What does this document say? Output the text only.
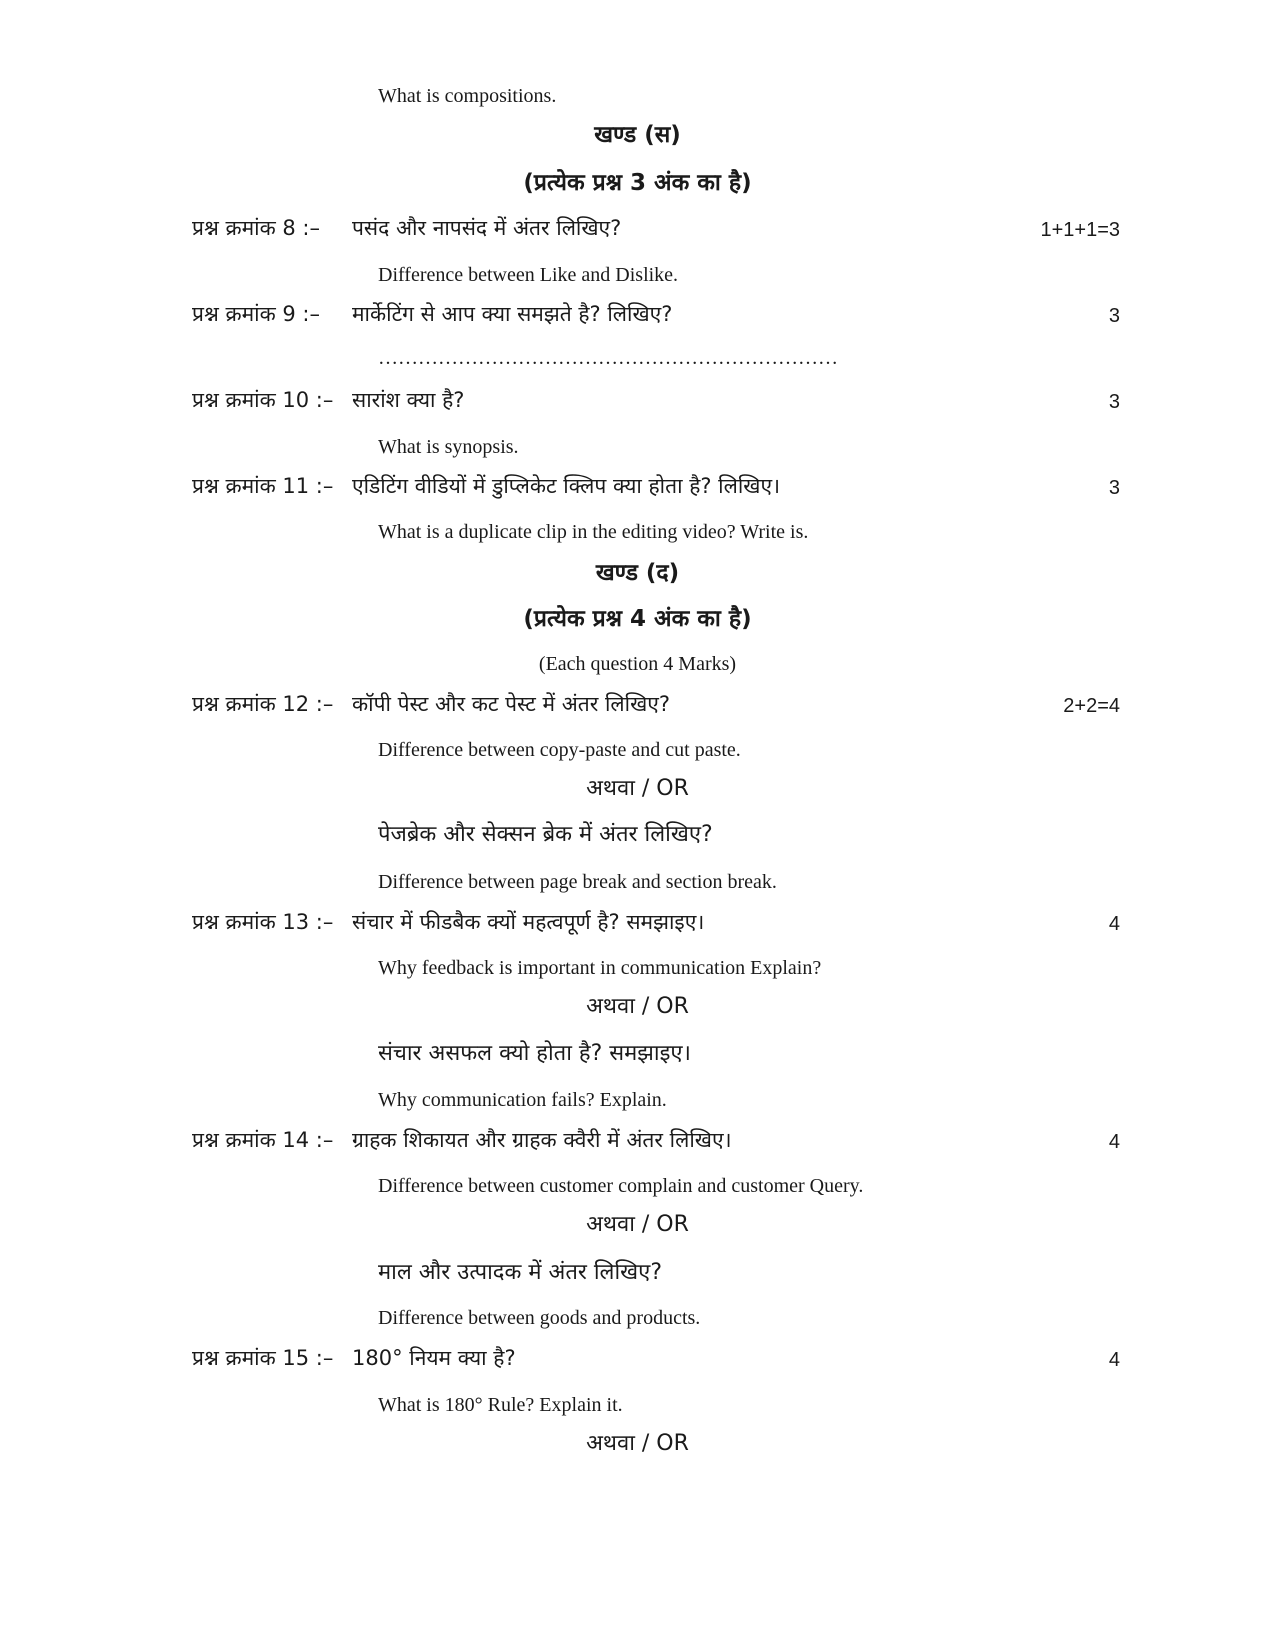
What is compositions.
खण्ड (स)
(प्रत्येक प्रश्न 3 अंक का है)
प्रश्न क्रमांक 8 :– पसंद और नापसंद में अंतर लिखिए?	1+1+1=3
Difference between Like and Dislike.
प्रश्न क्रमांक 9 :– मार्केटिंग से आप क्या समझते है? लिखिए?	3
……………………………………………………………
प्रश्न क्रमांक 10 :– सारांश क्या है?	3
What is synopsis.
प्रश्न क्रमांक 11 :– एडिटिंग वीडियों में डुप्लिकेट क्लिप क्या होता है? लिखिए।	3
What is a duplicate clip in the editing video? Write is.
खण्ड (द)
(प्रत्येक प्रश्न 4 अंक का है)
(Each question 4 Marks)
प्रश्न क्रमांक 12 :– कॉपी पेस्ट और कट पेस्ट में अंतर लिखिए?	2+2=4
Difference between copy-paste and cut paste.
अथवा / OR
पेजब्रेक और सेक्सन ब्रेक में अंतर लिखिए?
Difference between page break and section break.
प्रश्न क्रमांक 13 :– संचार में फीडबैक क्यों महत्वपूर्ण है? समझाइए।	4
Why feedback is important in communication Explain?
अथवा / OR
संचार असफल क्यो होता है? समझाइए।
Why communication fails? Explain.
प्रश्न क्रमांक 14 :– ग्राहक शिकायत और ग्राहक क्वैरी में अंतर लिखिए।	4
Difference between customer complain and customer Query.
अथवा / OR
माल और उत्पादक में अंतर लिखिए?
Difference between goods and products.
प्रश्न क्रमांक 15 :– 180° नियम क्या है?	4
What is 180° Rule? Explain it.
अथवा / OR
